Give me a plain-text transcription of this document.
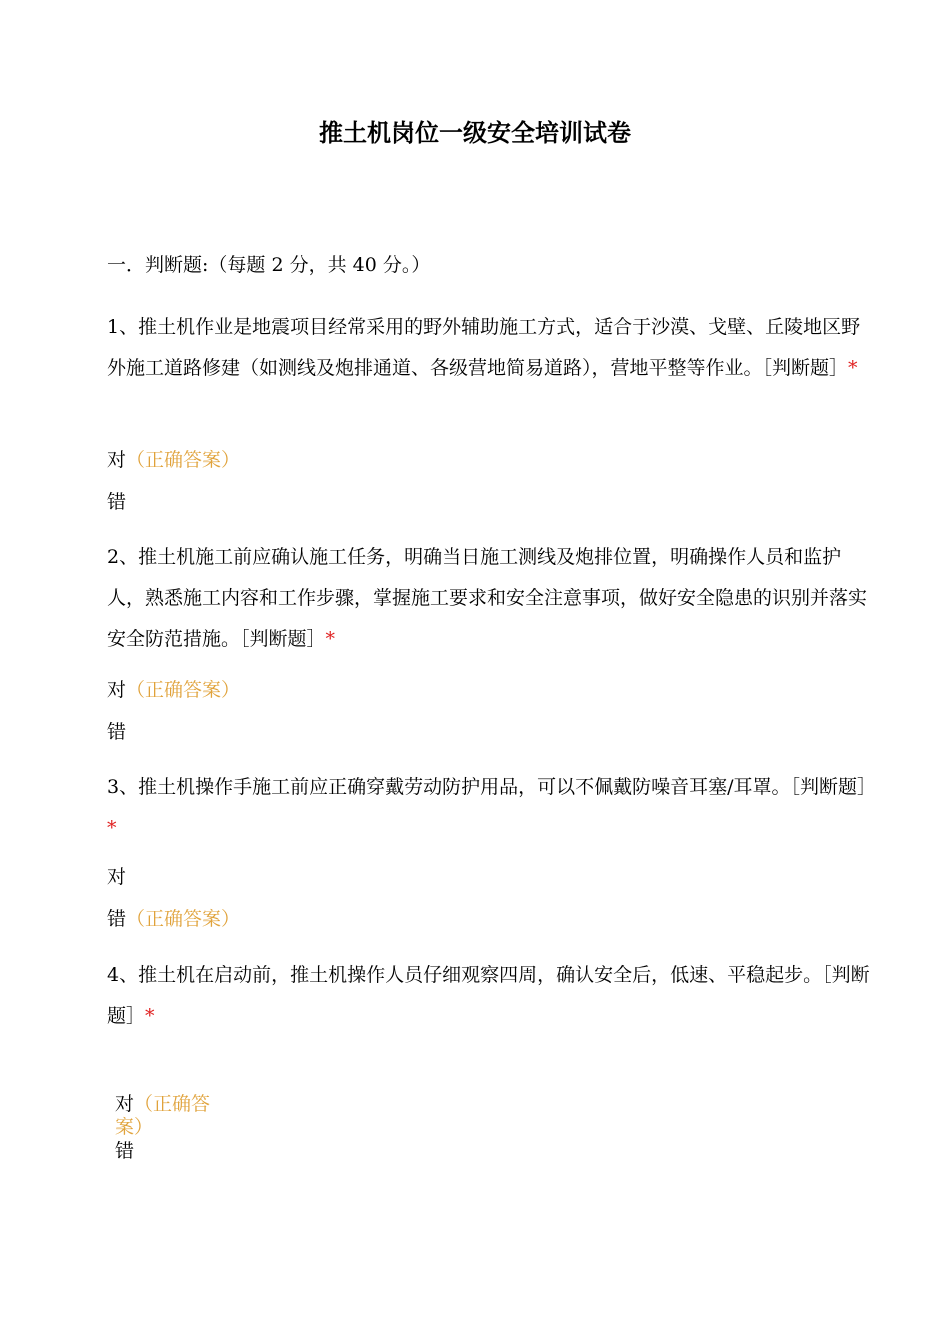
推土机岗位一级安全培训试卷
一．判断题:（每题 2 分，共 40 分。）
1、推土机作业是地震项目经常采用的野外辅助施工方式，适合于沙漠、戈壁、丘陵地区野外施工道路修建（如测线及炮排通道、各级营地简易道路），营地平整等作业。［判断题］*
对（正确答案）
错
2、推土机施工前应确认施工任务，明确当日施工测线及炮排位置，明确操作人员和监护人，熟悉施工内容和工作步骤，掌握施工要求和安全注意事项，做好安全隐患的识别并落实安全防范措施。［判断题］*
对（正确答案）
错
3、推土机操作手施工前应正确穿戴劳动防护用品，可以不佩戴防噪音耳塞/耳罩。［判断题］*
对
错（正确答案）
4、推土机在启动前，推土机操作人员仔细观察四周，确认安全后，低速、平稳起步。［判断题］*
对（正确答案）
错
